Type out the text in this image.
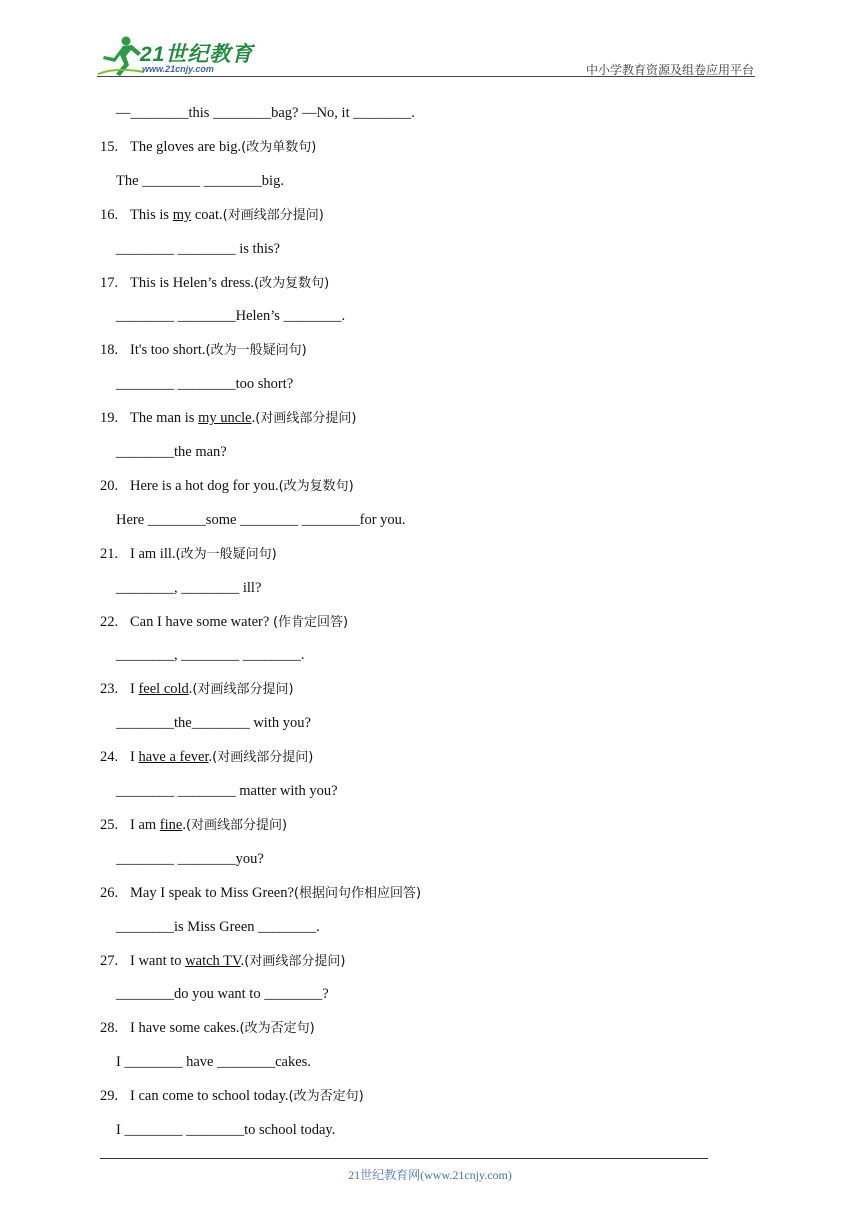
21世纪教育
www.21cnjy.com	中小学教育资源及组卷应用平台
—________this ________bag? —No, it ________.
15. The gloves are big.(改为单数句)
The ________ ________big.
16. This is my coat.(对画线部分提问)
________ ________ is this?
17. This is Helen’s dress.(改为复数句)
________ ________Helen’s ________.
18. It's too short.(改为一般疑问句)
________ ________too short?
19. The man is my uncle.(对画线部分提问)
________the man?
20. Here is a hot dog for you.(改为复数句)
Here ________some ________ ________for you.
21. I am ill.(改为一般疑问句)
________, ________ ill?
22. Can I have some water? (作肯定回答)
________, ________ ________.
23. I feel cold.(对画线部分提问)
________the________ with you?
24. I have a fever.(对画线部分提问)
________ ________ matter with you?
25. I am fine.(对画线部分提问)
________ ________you?
26. May I speak to Miss Green?(根据问句作相应回答)
________is Miss Green ________.
27. I want to watch TV.(对画线部分提问)
________do you want to ________?
28. I have some cakes.(改为否定句)
I ________ have ________cakes.
29. I can come to school today.(改为否定句)
I ________ ________to school today.
21世纪教育网(www.21cnjy.com)
